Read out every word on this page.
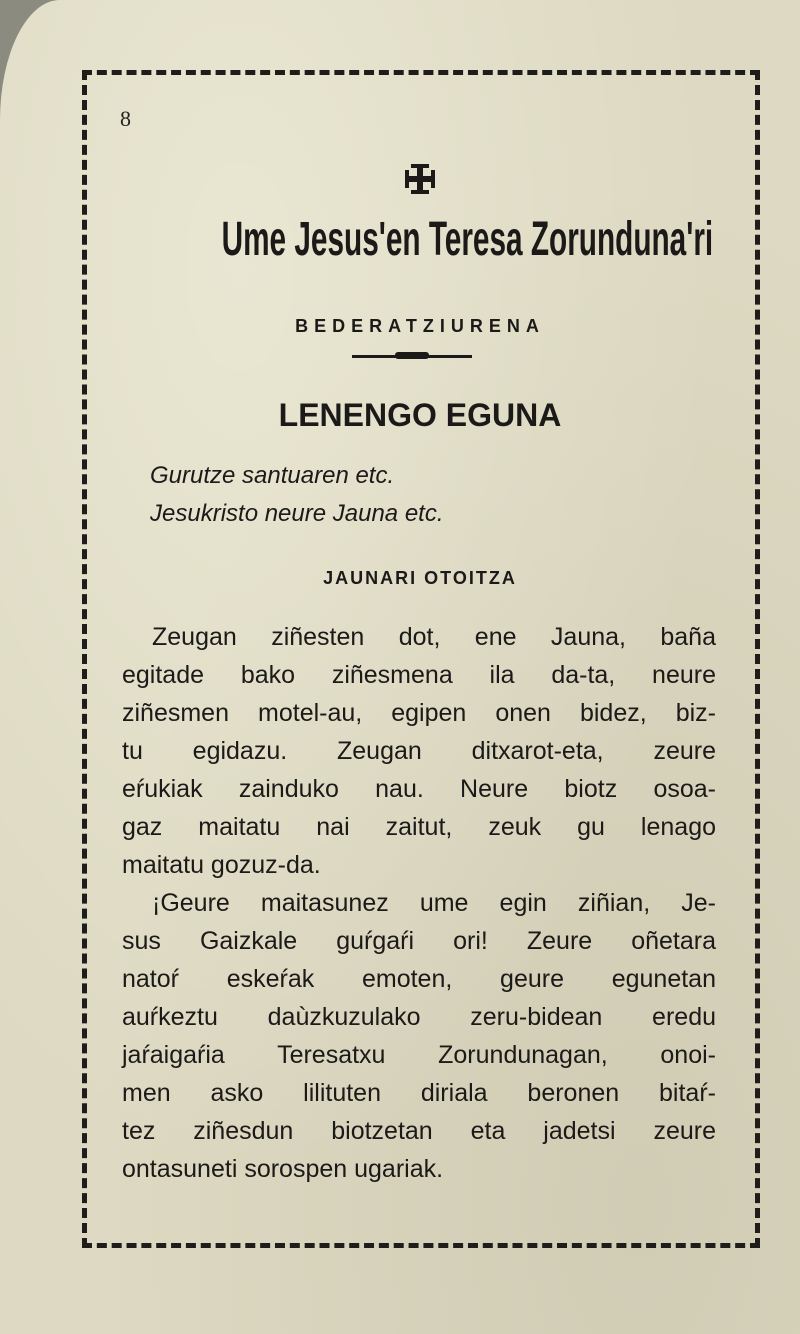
8
Ume Jesus'en Teresa Zorunduna'ri
BEDERATZIURENA
LENENGO EGUNA
Gurutze santuaren etc.
Jesukristo neure Jauna etc.
JAUNARI OTOITZA
Zeugan ziñesten dot, ene Jauna, baña
egitade bako ziñesmena ila da-ta, neure
ziñesmen motel-au, egipen onen bidez, biz-
tu egidazu. Zeugan ditxarot-eta, zeure
eŕukiak zainduko nau. Neure biotz osoa-
gaz maitatu nai zaitut, zeuk gu lenago
maitatu gozuz-da.
¡Geure maitasunez ume egin ziñian, Je-
sus Gaizkale guŕgaŕi ori! Zeure oñetara
natoŕ eskeŕak emoten, geure egunetan
auŕkeztu daùzkuzulako zeru-bidean eredu
jaŕaigaŕia Teresatxu Zorundunagan, onoi-
men asko lilituten diriala beronen bitaŕ-
tez ziñesdun biotzetan eta jadetsi zeure
ontasuneti sorospen ugariak.
